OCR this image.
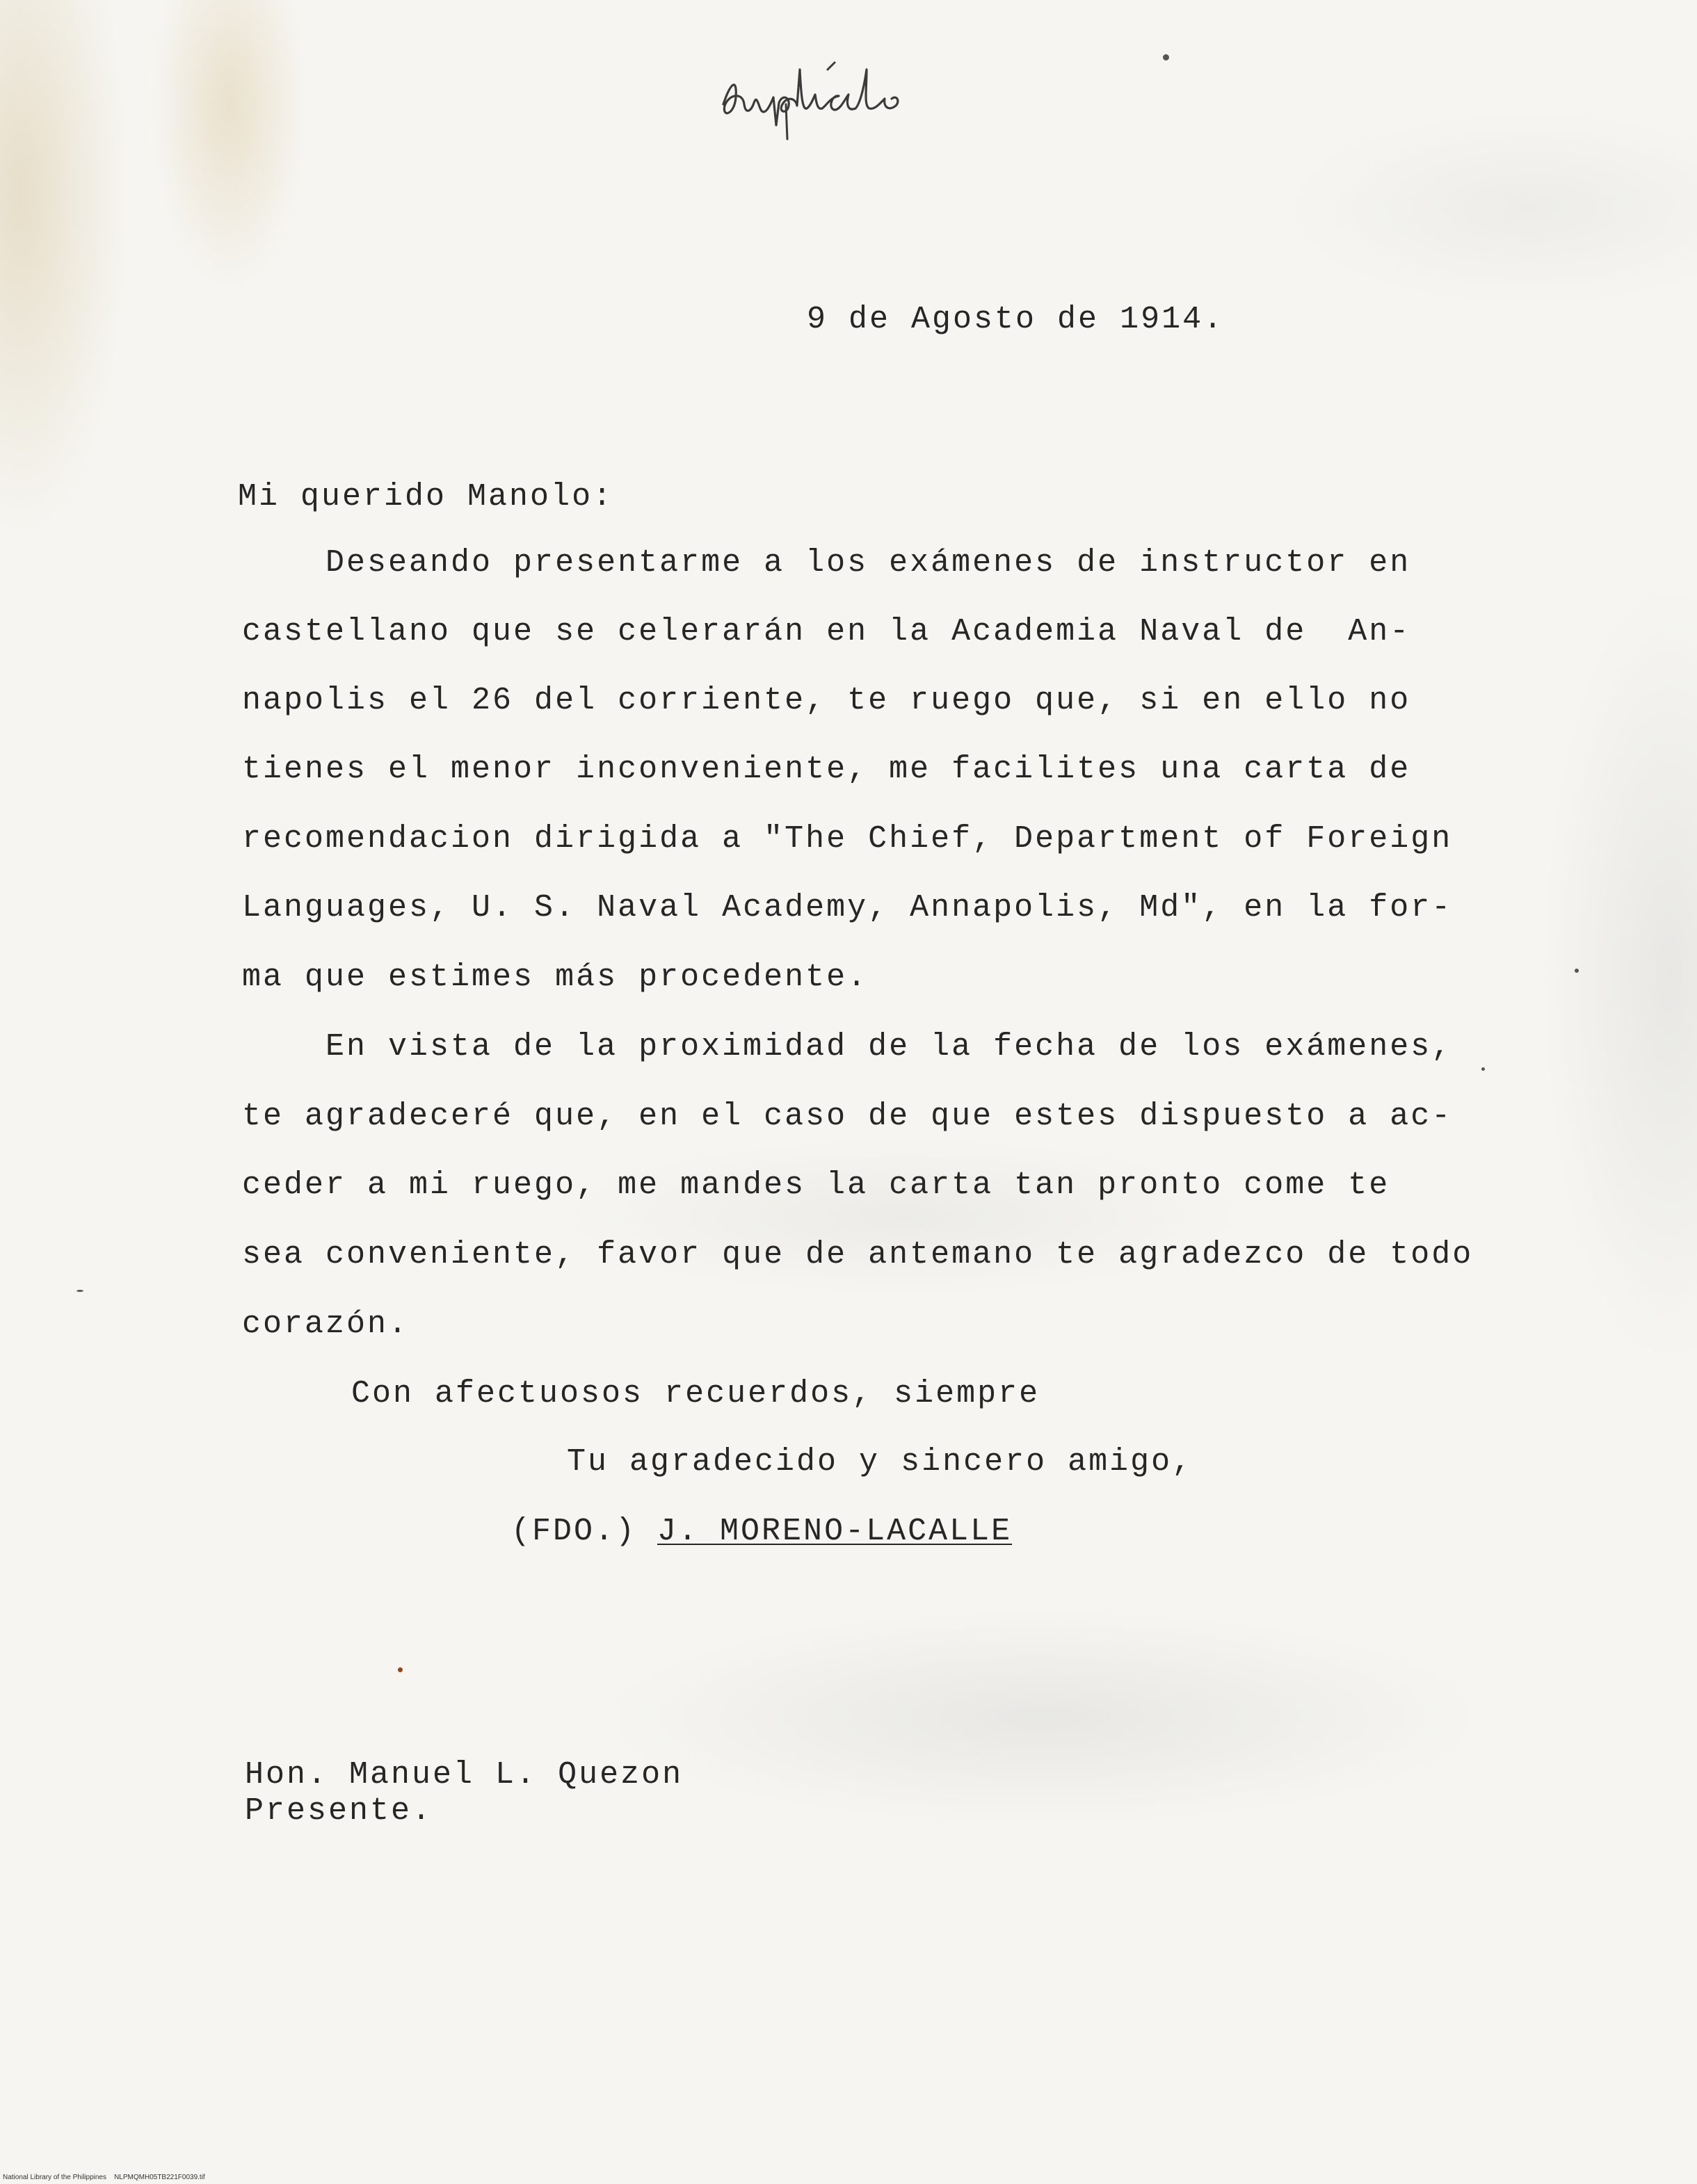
9 de Agosto de 1914.

Mi querido Manolo:

Deseando presentarme a los exámenes de instructor en

castellano que se celerarán en la Academia Naval de  An-

napolis el 26 del corriente, te ruego que, si en ello no

tienes el menor inconveniente, me facilites una carta de

recomendacion dirigida a "The Chief, Department of Foreign

Languages, U. S. Naval Academy, Annapolis, Md", en la for-

ma que estimes más procedente.

En vista de la proximidad de la fecha de los exámenes,

te agradeceré que, en el caso de que estes dispuesto a ac-

ceder a mi ruego, me mandes la carta tan pronto come te

sea conveniente, favor que de antemano te agradezco de todo

corazón.

Con afectuosos recuerdos, siempre

Tu agradecido y sincero amigo,

(FDO.) J. MORENO-LACALLE

Hon. Manuel L. Quezon

Presente.

National Library of the Philippines    NLPMQMH05TB221F0039.tif
